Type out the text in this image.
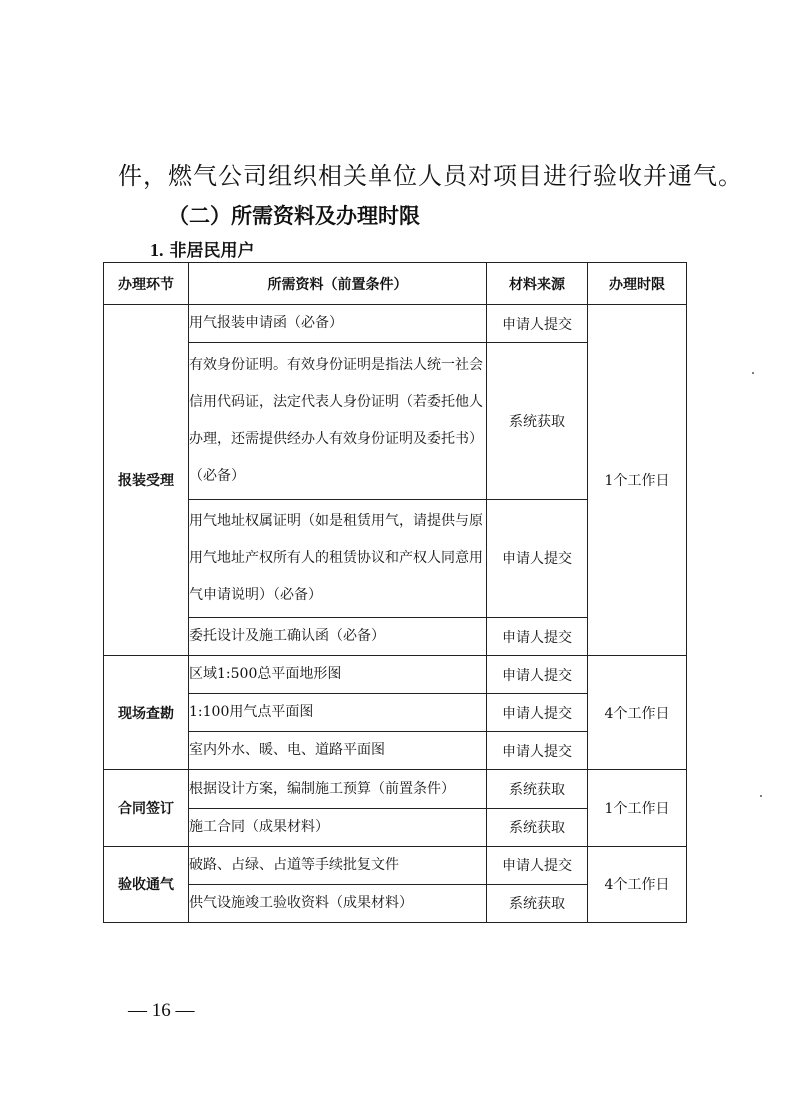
件，燃气公司组织相关单位人员对项目进行验收并通气。
（二）所需资料及办理时限
1. 非居民用户
办理环节	所需资料（前置条件）	材料来源	办理时限
报装受理	用气报装申请函（必备）	申请人提交	1个工作日
	有效身份证明。有效身份证明是指法人统一社会信用代码证，法定代表人身份证明（若委托他人办理，还需提供经办人有效身份证明及委托书）（必备）	系统获取	
	用气地址权属证明（如是租赁用气，请提供与原用气地址产权所有人的租赁协议和产权人同意用气申请说明）（必备）	申请人提交	
	委托设计及施工确认函（必备）	申请人提交	
现场查勘	区域1:500总平面地形图	申请人提交	4个工作日
	1:100用气点平面图	申请人提交	
	室内外水、暖、电、道路平面图	申请人提交	
合同签订	根据设计方案，编制施工预算（前置条件）	系统获取	1个工作日
	施工合同（成果材料）	系统获取	
验收通气	破路、占绿、占道等手续批复文件	申请人提交	4个工作日
	供气设施竣工验收资料（成果材料）	系统获取	
— 16 —
